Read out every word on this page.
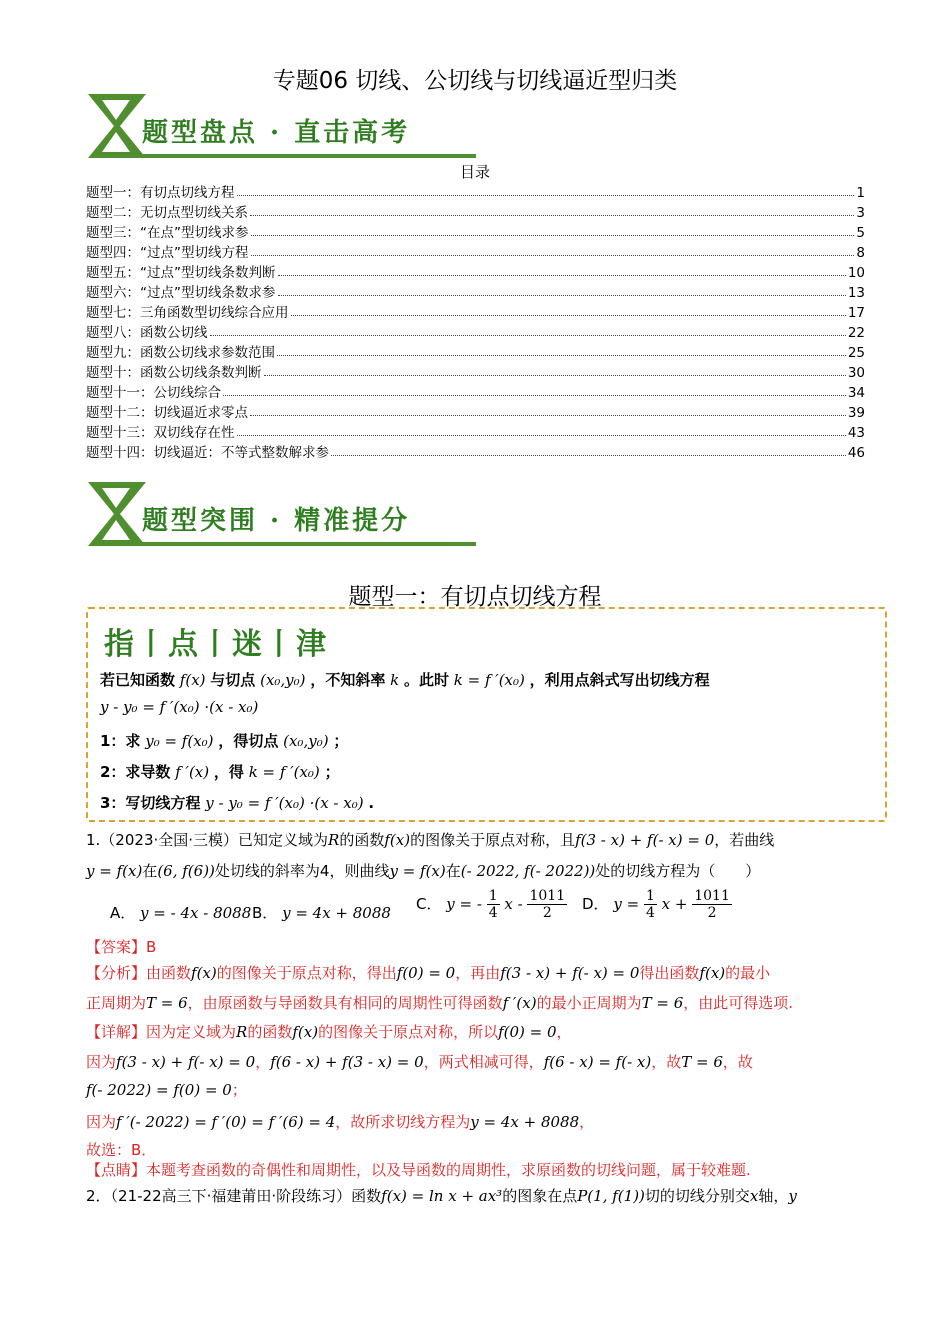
专题06 切线、公切线与切线逼近型归类
题型盘点 · 直击高考
目录
题型一：有切点切线方程	1
题型二：无切点型切线关系	3
题型三：“在点”型切线求参	5
题型四：“过点”型切线方程	8
题型五：“过点”型切线条数判断	10
题型六：“过点”型切线条数求参	13
题型七：三角函数型切线综合应用	17
题型八：函数公切线	22
题型九：函数公切线求参数范围	25
题型十：函数公切线条数判断	30
题型十一：公切线综合	34
题型十二：切线逼近求零点	39
题型十三：双切线存在性	43
题型十四：切线逼近：不等式整数解求参	46
题型突围 · 精准提分
题型一：有切点切线方程
指丨点丨迷丨津
若已知函数 f(x) 与切点 (x₀,y₀) ，不知斜率 k 。此时 k = f ′(x₀) ，利用点斜式写出切线方程
y - y₀ = f ′(x₀) ·(x - x₀)
1：求 y₀ = f(x₀) ，得切点 (x₀,y₀) ；
2：求导数 f ′(x) ，得 k = f ′(x₀) ；
3：写切线方程 y - y₀ = f ′(x₀) ·(x - x₀) .
1.（2023·全国·三模）已知定义域为R的函数f(x)的图像关于原点对称，且f(3 - x) + f(- x) = 0，若曲线
y = f(x)在(6, f(6))处切线的斜率为4，则曲线y = f(x)在(- 2022, f(- 2022))处的切线方程为（　　）
A． y = - 4x - 8088 B． y = 4x + 8088 C． y = - $\frac{1}{4}$ x - $\frac{1011}{2}$ D． $y = \frac{1}{4}$ $x + \frac{1011}{2}$
【答案】B
【分析】由函数f(x)的图像关于原点对称，得出f(0) = 0，再由f(3 - x) + f(- x) = 0得出函数f(x)的最小
正周期为T = 6，由原函数与导函数具有相同的周期性可得函数f ′(x)的最小正周期为T = 6，由此可得选项.
【详解】因为定义域为R的函数f(x)的图像关于原点对称，所以f(0) = 0，
因为f(3 - x) + f(- x) = 0，f(6 - x) + f(3 - x) = 0，两式相减可得，f(6 - x) = f(- x)，故T = 6，故
f(- 2022) = f(0) = 0；
因为f ′(- 2022) = f ′(0) = f ′(6) = 4，故所求切线方程为y = 4x + 8088，
故选：B．
【点睛】本题考查函数的奇偶性和周期性，以及导函数的周期性，求原函数的切线问题，属于较难题.
2．（21-22高三下·福建莆田·阶段练习）函数f(x) = ln x + ax³的图象在点P(1, f(1))切的切线分别交x轴，y
